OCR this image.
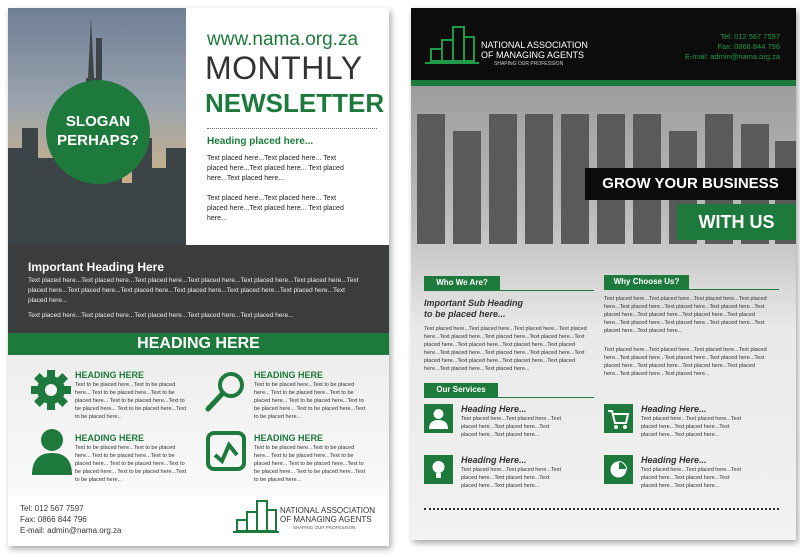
SLOGAN
PERHAPS?
www.nama.org.za
MONTHLY
NEWSLETTER
Heading placed here...
Text placed here...Text placed here... Text placed here...Text placed here... Text placed here...Text placed here...
Text placed here...Text placed here... Text placed here...Text placed here... Text placed here...
Important Heading Here
Text placed here...Text placed here...Text placed here...Text placed here...Text placed here...Text placed here...Text placed here...Text placed here...Text placed here...Text placed here...Text placed here...Text placed here...Text placed here...
Text placed here...Text placed here...Text placed here...Text placed here...Text placed here...
HEADING HERE
HEADING HERE
Text to be placed here...Text to be placed here... Text to be placed here...Text to be placed here... Text to be placed here...Text to be placed here... Text to be placed here...Text to be placed here...
HEADING HERE
Text to be placed here...Text to be placed here... Text to be placed here...Text to be placed here... Text to be placed here...Text to be placed here... Text to be placed here...Text to be placed here...
HEADING HERE
Text to be placed here...Text to be placed here... Text to be placed here...Text to be placed here... Text to be placed here...Text to be placed here... Text to be placed here...Text to be placed here...
HEADING HERE
Text to be placed here...Text to be placed here... Text to be placed here...Text to be placed here... Text to be placed here...Text to be placed here... Text to be placed here...Text to be placed here...
Tel: 012 567 7597
Fax: 0866 844 796
E-mail: admin@nama.org.za
NATIONAL ASSOCIATION
OF MANAGING AGENTS
SHAPING OUR PROFESSION
NATIONAL ASSOCIATION
OF MANAGING AGENTS
SHAPING OUR PROFESSION
Tel: 012 567 7597
Fax: 0866 844 796
E-mail: admin@nama.org.za
GROW YOUR BUSINESS
WITH US
Who We Are?
Important Sub Heading
to be placed here...
Text placed here...Text placed here...Text placed here...Text placed here...Text placed here...Text placed here...Text placed here...Text placed here...Text placed here...Text placed here...Text placed here...Text placed here...Text placed here...Text placed here...Text placed here...Text placed here...Text placed here...Text placed here...Text placed here...Text placed here...
Why Choose Us?
Text placed here...Text placed here...Text placed here...Text placed here...Text placed here...Text placed here...Text placed here...Text placed here...Text placed here...Text placed here...Text placed here...Text placed here...Text placed here...Text placed here...Text placed here...Text placed here...
Text placed here...Text placed here...Text placed here...Text placed here...Text placed here...Text placed here...Text placed here...Text placed here...Text placed here...Text placed here...Text placed here...Text placed here...Text placed here...
Our Services
Heading Here...
Text placed here...Text placed here...Text placed here...Text placed here...Text placed here...Text placed here...
Heading Here...
Text placed here...Text placed here...Text placed here...Text placed here...Text placed here...Text placed here...
Heading Here...
Text placed here...Text placed here...Text placed here...Text placed here...Text placed here...Text placed here...
Heading Here...
Text placed here...Text placed here...Text placed here...Text placed here...Text placed here...Text placed here...
